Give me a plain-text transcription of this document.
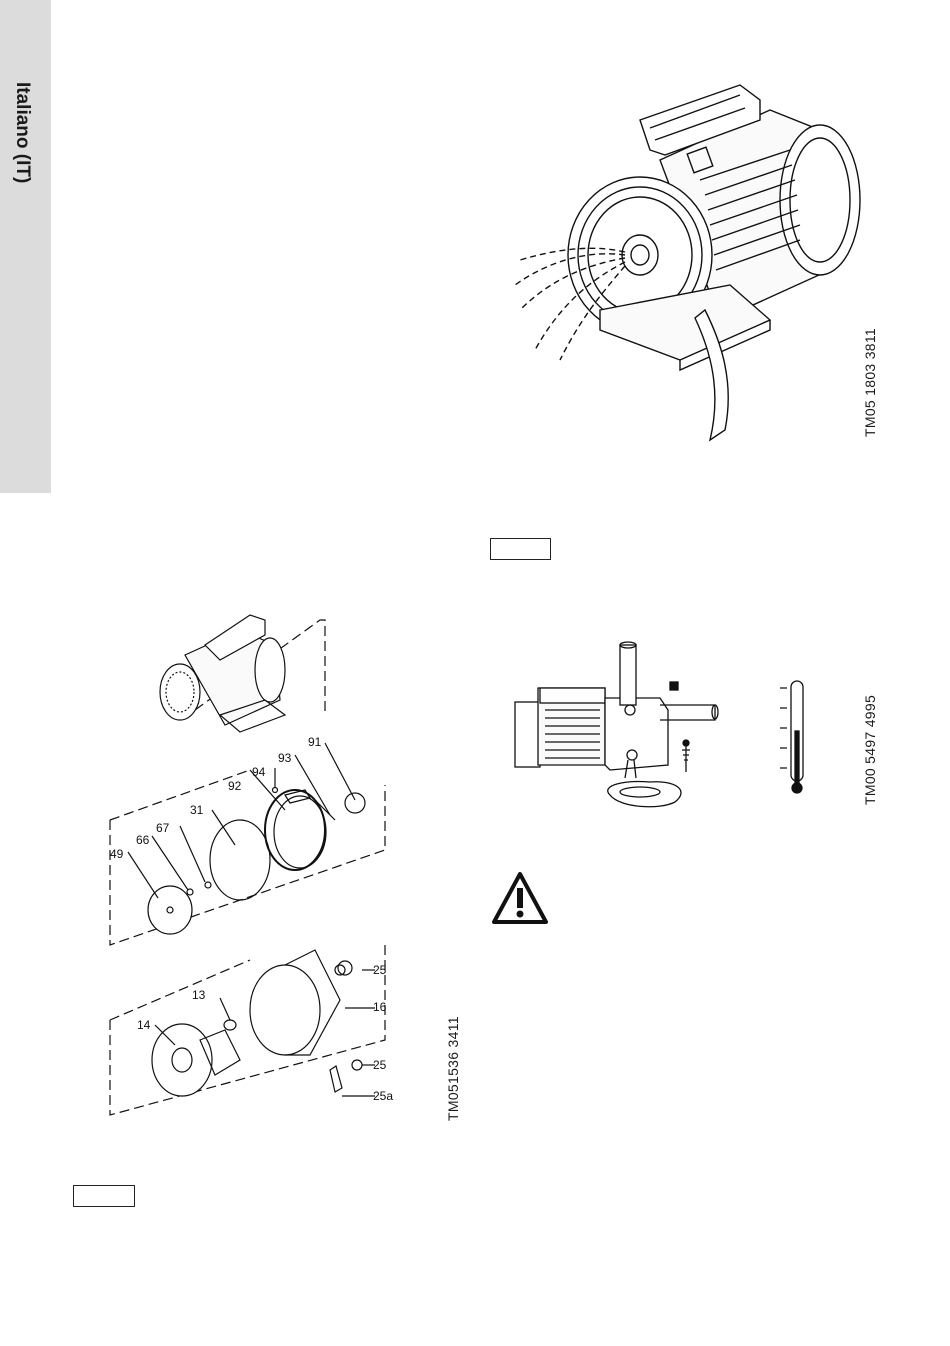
Italiano (IT)
TM05 1803 3811
91
93
94
92
31
67
66
49
25
13
16
14
25
25a	TM051536 3411
TM00 5497 4995
